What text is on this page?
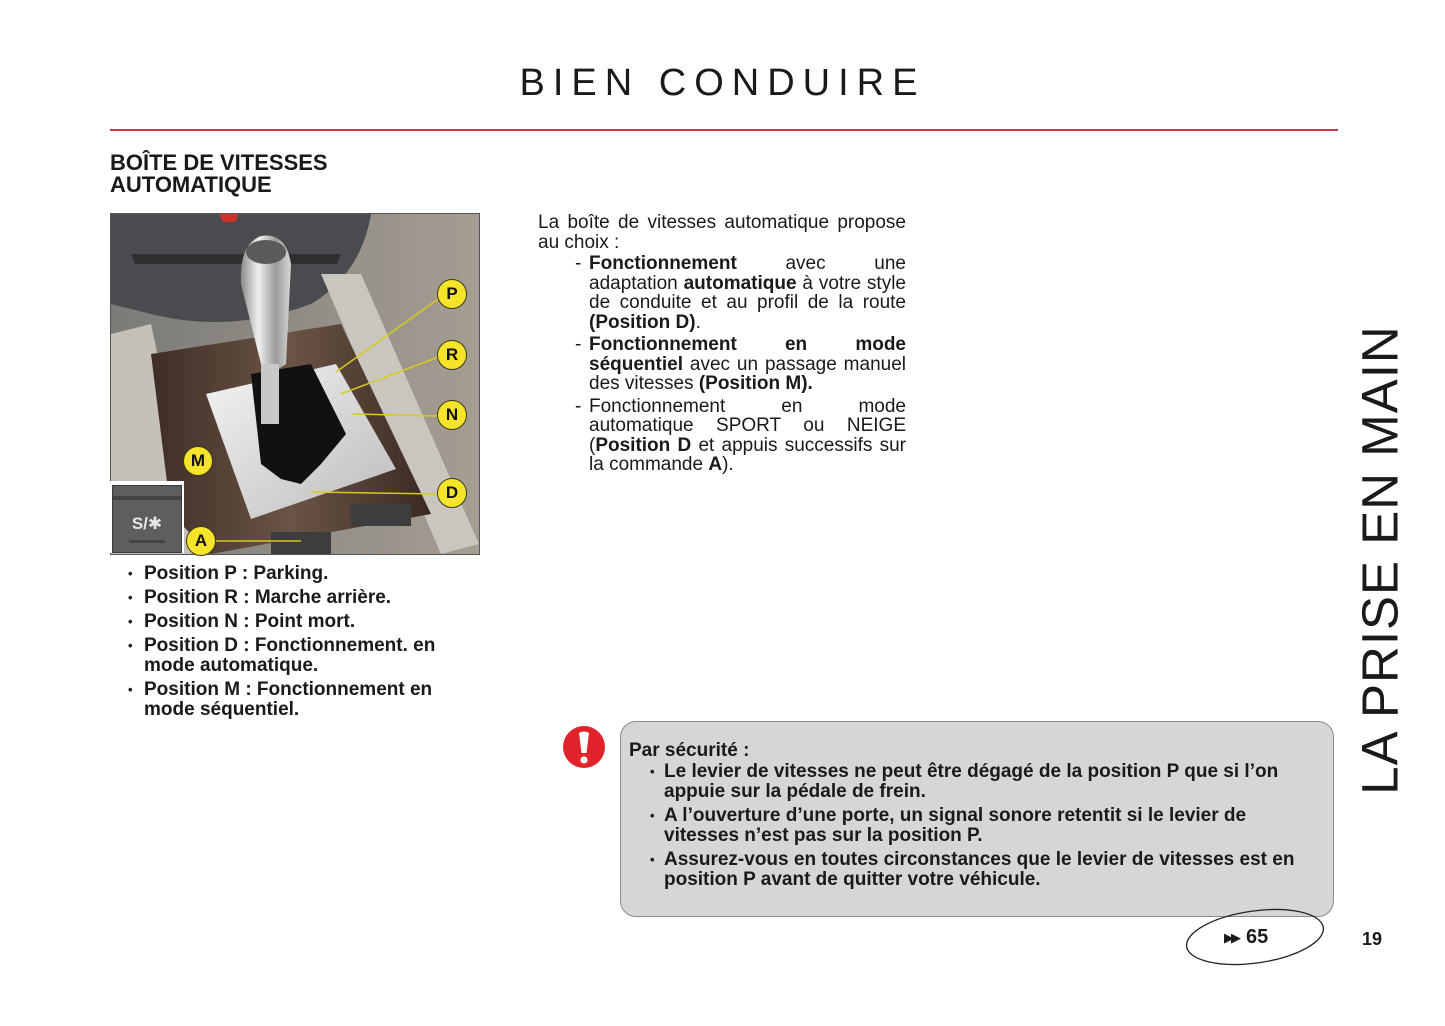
BIEN CONDUIRE
BOÎTE DE VITESSES
AUTOMATIQUE
P
R
N
D
M
S/✱
A
• Position P : Parking.
• Position R : Marche arrière.
• Position N : Point mort.
• Position D : Fonctionnement. en mode automatique.
• Position M : Fonctionnement en mode séquentiel.
La boîte de vitesses automatique propose au choix :
- Fonctionnement avec une adaptation automatique à votre style de conduite et au profil de la route (Position D).
- Fonctionnement en mode séquentiel avec un passage manuel des vitesses (Position M).
- Fonctionnement en mode automatique SPORT ou NEIGE (Position D et appuis successifs sur la commande A).
Par sécurité :
• Le levier de vitesses ne peut être dégagé de la position P que si l’on appuie sur la pédale de frein.
• A l’ouverture d’une porte, un signal sonore retentit si le levier de vitesses n’est pas sur la position P.
• Assurez-vous en toutes circonstances que le levier de vitesses est en position P avant de quitter votre véhicule.
▶▶ 65	19
LA PRISE EN MAIN
